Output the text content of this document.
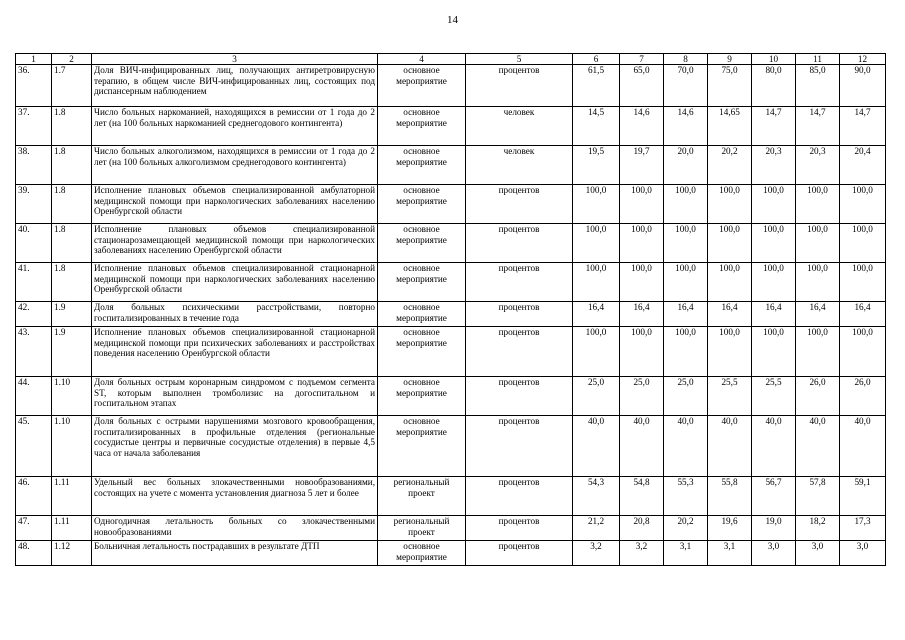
14
1	2	3	4	5	6	7	8	9	10	11	12
36.	1.7	Доля ВИЧ-инфицированных лиц, получающих антиретровирусную терапию, в общем числе ВИЧ-инфицированных лиц, состоящих под диспансерным наблюдением	основное мероприятие	процентов	61,5	65,0	70,0	75,0	80,0	85,0	90,0
37.	1.8	Число больных наркоманией, находящихся в ремиссии от 1 года до 2 лет (на 100 больных наркоманией среднегодового контингента)	основное мероприятие	человек	14,5	14,6	14,6	14,65	14,7	14,7	14,7
38.	1.8	Число больных алкоголизмом, находящихся в ремиссии от 1 года до 2 лет (на 100 больных алкоголизмом среднегодового контингента)	основное мероприятие	человек	19,5	19,7	20,0	20,2	20,3	20,3	20,4
39.	1.8	Исполнение плановых объемов специализированной амбулаторной медицинской помощи при наркологических заболеваниях населению Оренбургской области	основное мероприятие	процентов	100,0	100,0	100,0	100,0	100,0	100,0	100,0
40.	1.8	Исполнение плановых объемов специализированной стационарозамещающей медицинской помощи при наркологических заболеваниях населению Оренбургской области	основное мероприятие	процентов	100,0	100,0	100,0	100,0	100,0	100,0	100,0
41.	1.8	Исполнение плановых объемов специализированной стационарной медицинской помощи при наркологических заболеваниях населению Оренбургской области	основное мероприятие	процентов	100,0	100,0	100,0	100,0	100,0	100,0	100,0
42.	1.9	Доля больных психическими расстройствами, повторно госпитализированных в течение года	основное мероприятие	процентов	16,4	16,4	16,4	16,4	16,4	16,4	16,4
43.	1.9	Исполнение плановых объемов специализированной стационарной медицинской помощи при психических заболеваниях и расстройствах поведения населению Оренбургской области	основное мероприятие	процентов	100,0	100,0	100,0	100,0	100,0	100,0	100,0
44.	1.10	Доля больных острым коронарным синдромом с подъемом сегмента ST, которым выполнен тромболизис на догоспитальном и госпитальном этапах	основное мероприятие	процентов	25,0	25,0	25,0	25,5	25,5	26,0	26,0
45.	1.10	Доля больных с острыми нарушениями мозгового кровообращения, госпитализированных в профильные отделения (региональные сосудистые центры и первичные сосудистые отделения) в первые 4,5 часа от начала заболевания	основное мероприятие	процентов	40,0	40,0	40,0	40,0	40,0	40,0	40,0
46.	1.11	Удельный вес больных злокачественными новообразованиями, состоящих на учете с момента установления диагноза 5 лет и более	региональный проект	процентов	54,3	54,8	55,3	55,8	56,7	57,8	59,1
47.	1.11	Одногодичная летальность больных со злокачественными новообразованиями	региональный проект	процентов	21,2	20,8	20,2	19,6	19,0	18,2	17,3
48.	1.12	Больничная летальность пострадавших в результате ДТП	основное мероприятие	процентов	3,2	3,2	3,1	3,1	3,0	3,0	3,0
